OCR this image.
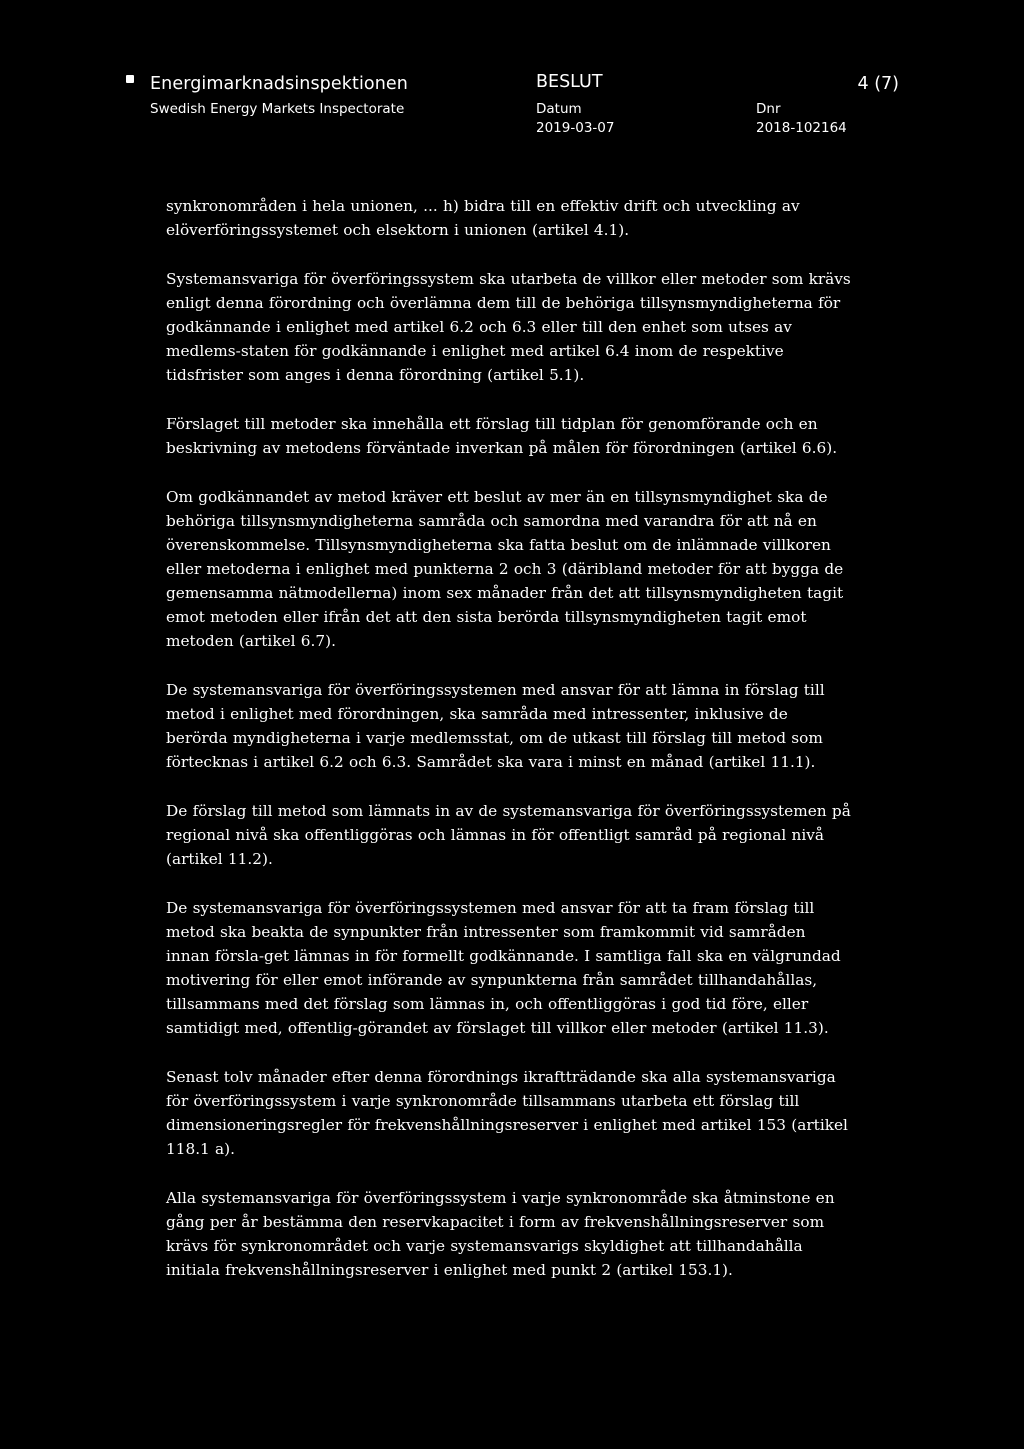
Energimarknadsinspektionen
Swedish Energy Markets Inspectorate
BESLUT	4 (7)
Datum
2019-03-07
Dnr
2018-102164

synkronområden i hela unionen, ... h) bidra till en effektiv drift och utveckling av elöverföringssystemet och elsektorn i unionen (artikel 4.1).

Systemansvariga för överföringssystem ska utarbeta de villkor eller metoder som krävs enligt denna förordning och överlämna dem till de behöriga tillsynsmyndigheterna för godkännande i enlighet med artikel 6.2 och 6.3 eller till den enhet som utses av medlems-staten för godkännande i enlighet med artikel 6.4 inom de respektive tidsfrister som anges i denna förordning (artikel 5.1).

Förslaget till metoder ska innehålla ett förslag till tidplan för genomförande och en beskrivning av metodens förväntade inverkan på målen för förordningen (artikel 6.6).

Om godkännandet av metod kräver ett beslut av mer än en tillsynsmyndighet ska de behöriga tillsynsmyndigheterna samråda och samordna med varandra för att nå en överenskommelse. Tillsynsmyndigheterna ska fatta beslut om de inlämnade villkoren eller metoderna i enlighet med punkterna 2 och 3 (däribland metoder för att bygga de gemensamma nätmodellerna) inom sex månader från det att tillsynsmyndigheten tagit emot metoden eller ifrån det att den sista berörda tillsynsmyndigheten tagit emot metoden (artikel 6.7).

De systemansvariga för överföringssystemen med ansvar för att lämna in förslag till metod i enlighet med förordningen, ska samråda med intressenter, inklusive de berörda myndigheterna i varje medlemsstat, om de utkast till förslag till metod som förtecknas i artikel 6.2 och 6.3. Samrådet ska vara i minst en månad (artikel 11.1).

De förslag till metod som lämnats in av de systemansvariga för överföringssystemen på regional nivå ska offentliggöras och lämnas in för offentligt samråd på regional nivå (artikel 11.2).

De systemansvariga för överföringssystemen med ansvar för att ta fram förslag till metod ska beakta de synpunkter från intressenter som framkommit vid samråden innan försla-get lämnas in för formellt godkännande. I samtliga fall ska en välgrundad motivering för eller emot införande av synpunkterna från samrådet tillhandahållas, tillsammans med det förslag som lämnas in, och offentliggöras i god tid före, eller samtidigt med, offentlig-görandet av förslaget till villkor eller metoder (artikel 11.3).

Senast tolv månader efter denna förordnings ikraftträdande ska alla systemansvariga för överföringssystem i varje synkronområde tillsammans utarbeta ett förslag till dimensioneringsregler för frekvenshållningsreserver i enlighet med artikel 153 (artikel 118.1 a).

Alla systemansvariga för överföringssystem i varje synkronområde ska åtminstone en gång per år bestämma den reservkapacitet i form av frekvenshållningsreserver som krävs för synkronområdet och varje systemansvarigs skyldighet att tillhandahålla initiala frekvenshållningsreserver i enlighet med punkt 2 (artikel 153.1).
